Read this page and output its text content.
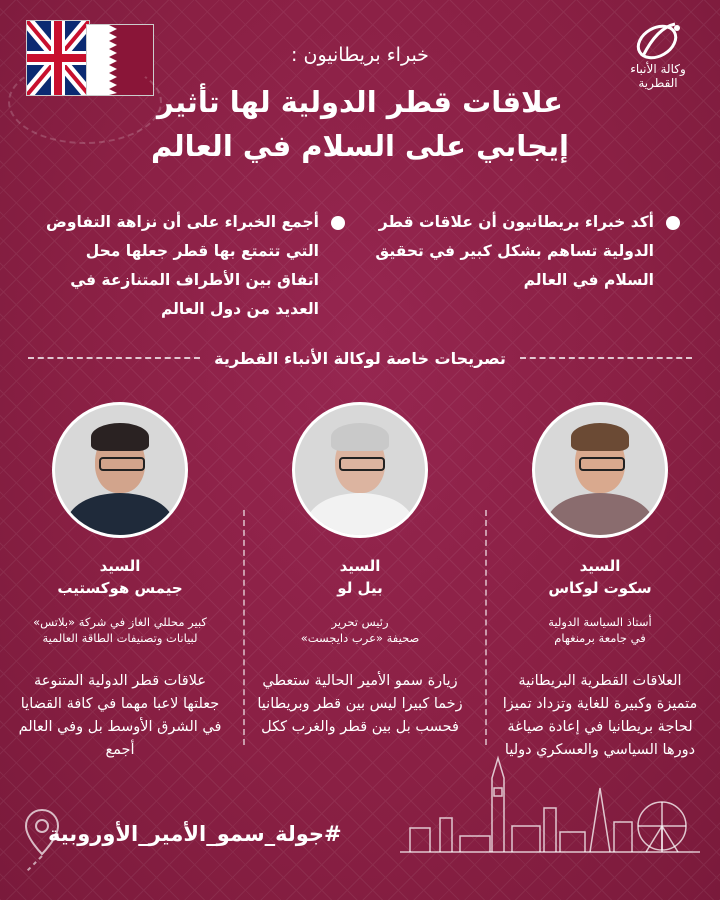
وكالة الأنباء
القطرية
خبراء بريطانيون :
علاقات قطر الدولية لها تأثير
إيجابي على السلام في العالم
أكد خبراء بريطانيون أن علاقات قطر الدولية تساهم بشكل كبير في تحقيق السلام في العالم
أجمع الخبراء على أن نزاهة التفاوض التي تتمتع بها قطر جعلها محل اتفاق بين الأطراف المتنازعة في العديد من دول العالم
تصريحات خاصة لوكالة الأنباء القطرية
السيد
سكوت لوكاس
أستاذ السياسة الدولية
في جامعة برمنغهام
العلاقات القطرية البريطانية متميزة وكبيرة للغاية وتزداد تميزا لحاجة بريطانيا في إعادة صياغة دورها السياسي والعسكري دوليا
السيد
بيل لو
رئيس تحرير
صحيفة «عرب دايجست»
زيارة سمو الأمير الحالية ستعطي زخما كبيرا ليس بين قطر وبريطانيا فحسب بل بين قطر والغرب ككل
السيد
جيمس هوكستيب
كبير محللي الغاز في شركة «بلاتس»
لبيانات وتصنيفات الطاقة العالمية
علاقات قطر الدولية المتنوعة جعلتها لاعبا مهما في كافة القضايا في الشرق الأوسط بل وفي العالم أجمع
#جولة_سمو_الأمير_الأوروبية
